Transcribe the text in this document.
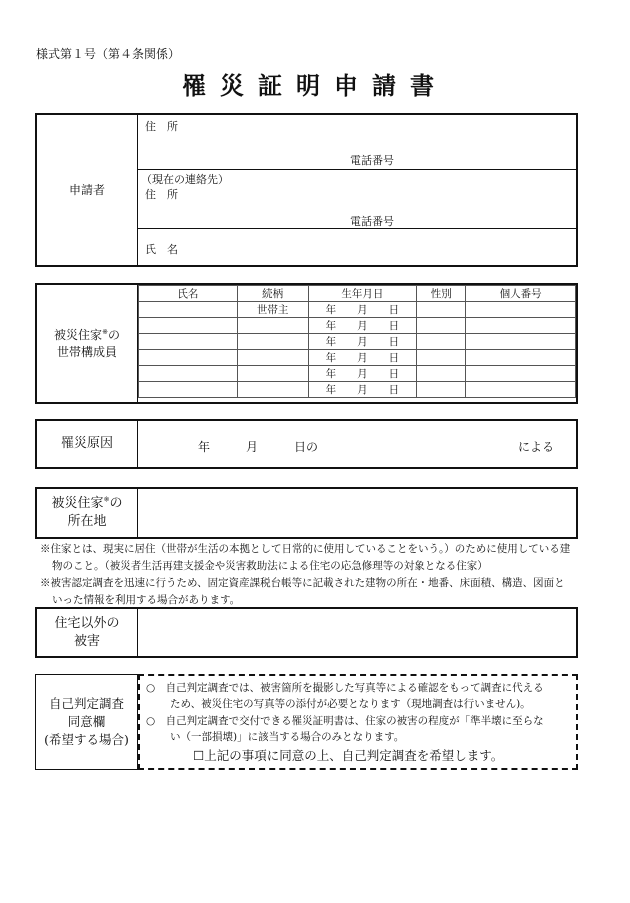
様式第１号（第４条関係）
罹災証明申請書
申請者
住　所
電話番号
（現在の連絡先）
住　所
電話番号
氏　名
被災住家※の
世帯構成員
氏名	続柄	生年月日	性別	個人番号
	世帯主	年　　月　　日		
		年　　月　　日		
		年　　月　　日		
		年　　月　　日		
		年　　月　　日		
		年　　月　　日		
罹災原因	年　　　月　　　日の	による
被災住家※の
所在地
※住家とは、現実に居住（世帯が生活の本拠として日常的に使用していることをいう。）のために使用している建
物のこと。（被災者生活再建支援金や災害救助法による住宅の応急修理等の対象となる住家）
※被害認定調査を迅速に行うため、固定資産課税台帳等に記載された建物の所在・地番、床面積、構造、図面と
いった情報を利用する場合があります。
住宅以外の
被害
自己判定調査
同意欄
(希望する場合)
○　自己判定調査では、被害箇所を撮影した写真等による確認をもって調査に代える
ため、被災住宅の写真等の添付が必要となります（現地調査は行いません)。
○　自己判定調査で交付できる罹災証明書は、住家の被害の程度が「準半壊に至らな
い（一部損壊)」に該当する場合のみとなります。
☐上記の事項に同意の上、自己判定調査を希望します。
